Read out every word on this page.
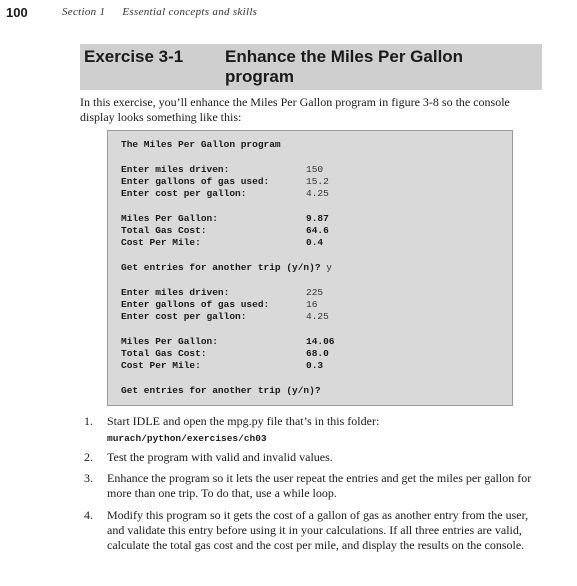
100	Section 1 Essential concepts and skills
Exercise 3-1 Enhance the Miles Per Gallon program
In this exercise, you’ll enhance the Miles Per Gallon program in figure 3-8 so the console display looks something like this:
The Miles Per Gallon program
Enter miles driven:	150
Enter gallons of gas used:	15.2
Enter cost per gallon:	4.25
Miles Per Gallon:	9.87
Total Gas Cost:	64.6
Cost Per Mile:	0.4
Get entries for another trip (y/n)? y
Enter miles driven:	225
Enter gallons of gas used:	16
Enter cost per gallon:	4.25
Miles Per Gallon:	14.06
Total Gas Cost:	68.0
Cost Per Mile:	0.3
Get entries for another trip (y/n)?
1. Start IDLE and open the mpg.py file that’s in this folder:
murach/python/exercises/ch03
2. Test the program with valid and invalid values.
3. Enhance the program so it lets the user repeat the entries and get the miles per gallon for more than one trip. To do that, use a while loop.
4. Modify this program so it gets the cost of a gallon of gas as another entry from the user, and validate this entry before using it in your calculations. If all three entries are valid, calculate the total gas cost and the cost per mile, and display the results on the console.
